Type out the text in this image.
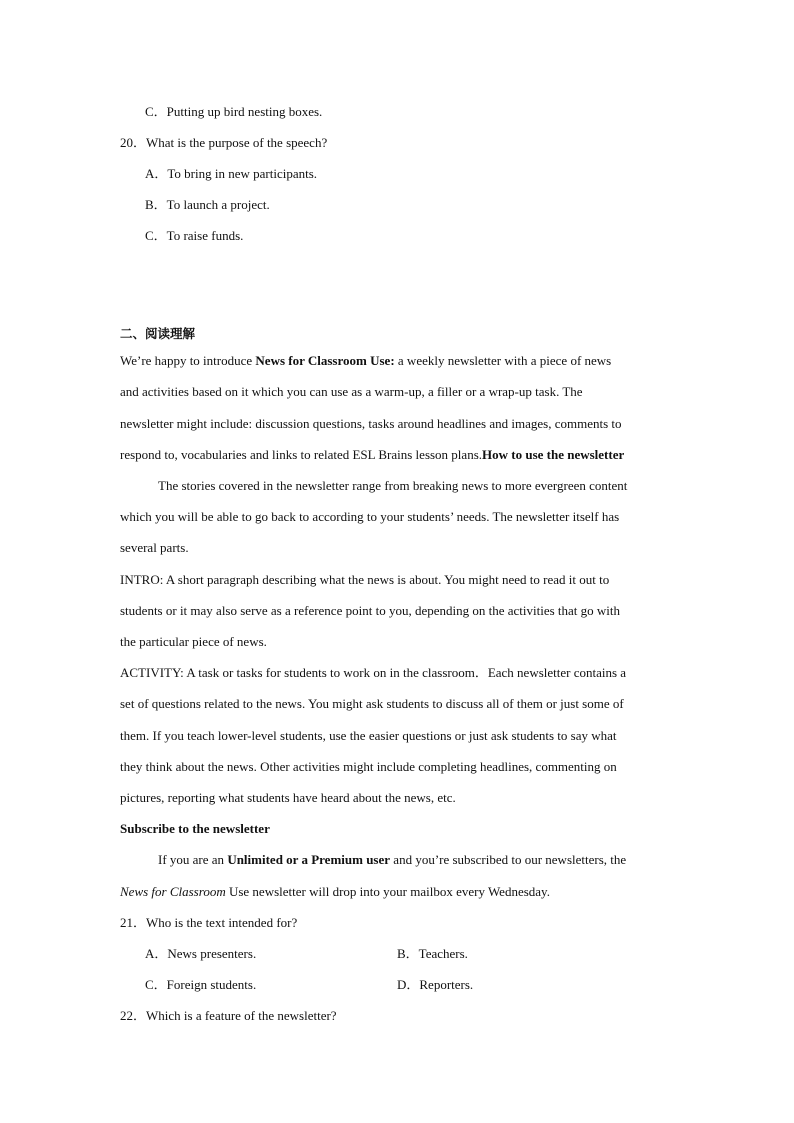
C．Putting up bird nesting boxes.
20．What is the purpose of the speech?
A．To bring in new participants.
B．To launch a project.
C．To raise funds.
二、阅读理解
We’re happy to introduce News for Classroom Use: a weekly newsletter with a piece of news
and activities based on it which you can use as a warm-up, a filler or a wrap-up task. The
newsletter might include: discussion questions, tasks around headlines and images, comments to
respond to, vocabularies and links to related ESL Brains lesson plans.How to use the newsletter
The stories covered in the newsletter range from breaking news to more evergreen content
which you will be able to go back to according to your students’ needs. The newsletter itself has
several parts.
INTRO: A short paragraph describing what the news is about. You might need to read it out to
students or it may also serve as a reference point to you, depending on the activities that go with
the particular piece of news.
ACTIVITY: A task or tasks for students to work on in the classroom．Each newsletter contains a
set of questions related to the news. You might ask students to discuss all of them or just some of
them. If you teach lower-level students, use the easier questions or just ask students to say what
they think about the news. Other activities might include completing headlines, commenting on
pictures, reporting what students have heard about the news, etc.
Subscribe to the newsletter
If you are an Unlimited or a Premium user and you’re subscribed to our newsletters, the
News for Classroom Use newsletter will drop into your mailbox every Wednesday.
21．Who is the text intended for?
A．News presenters.	B．Teachers.
C．Foreign students.	D．Reporters.
22．Which is a feature of the newsletter?
